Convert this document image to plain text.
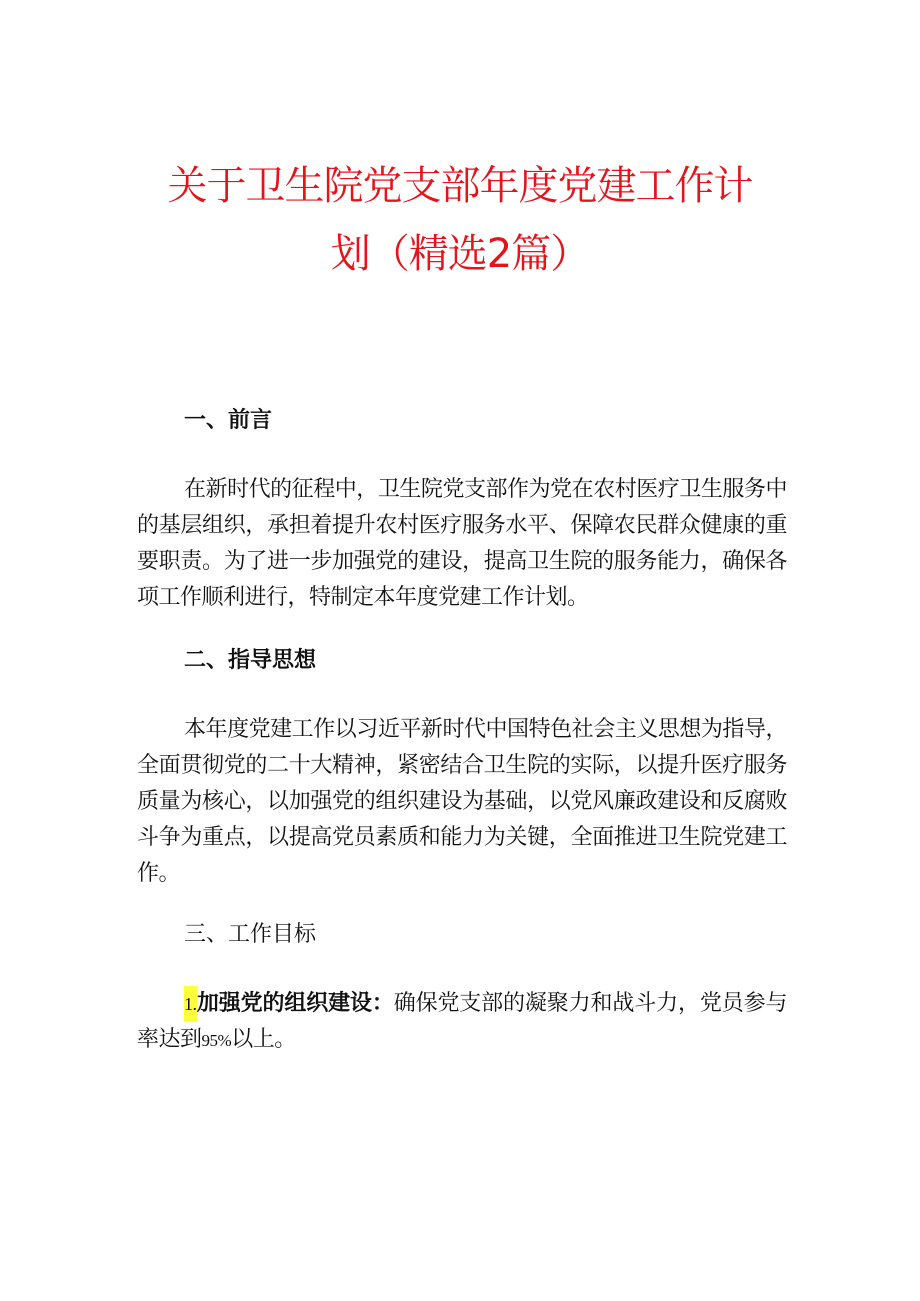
关于卫生院党支部年度党建工作计
划（精选2篇）
一、前言
在新时代的征程中，卫生院党支部作为党在农村医疗卫生服务中的基层组织，承担着提升农村医疗服务水平、保障农民群众健康的重要职责。为了进一步加强党的建设，提高卫生院的服务能力，确保各项工作顺利进行，特制定本年度党建工作计划。
二、指导思想
本年度党建工作以习近平新时代中国特色社会主义思想为指导，全面贯彻党的二十大精神，紧密结合卫生院的实际，以提升医疗服务质量为核心，以加强党的组织建设为基础，以党风廉政建设和反腐败斗争为重点，以提高党员素质和能力为关键，全面推进卫生院党建工作。
三、工作目标
1.加强党的组织建设：确保党支部的凝聚力和战斗力，党员参与率达到95%以上。
